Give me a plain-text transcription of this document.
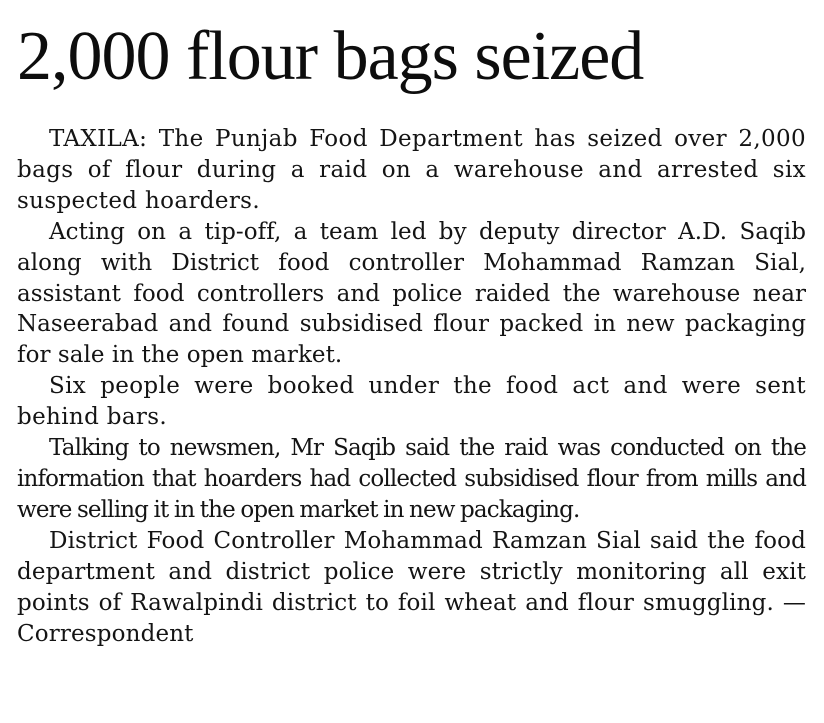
2,000 flour bags seized

TAXILA: The Punjab Food Department has seized over 2,000 bags of flour during a raid on a warehouse and arrested six suspected hoarders.

Acting on a tip-off, a team led by deputy director A.D. Saqib along with District food controller Mohammad Ramzan Sial, assistant food controllers and police raided the warehouse near Naseerabad and found subsidised flour packed in new packaging for sale in the open market.

Six people were booked under the food act and were sent behind bars.

Talking to newsmen, Mr Saqib said the raid was conducted on the information that hoarders had collected subsidised flour from mills and were selling it in the open market in new packaging.

District Food Controller Mohammad Ramzan Sial said the food department and district police were strictly monitoring all exit points of Rawalpindi district to foil wheat and flour smuggling. — Correspondent
